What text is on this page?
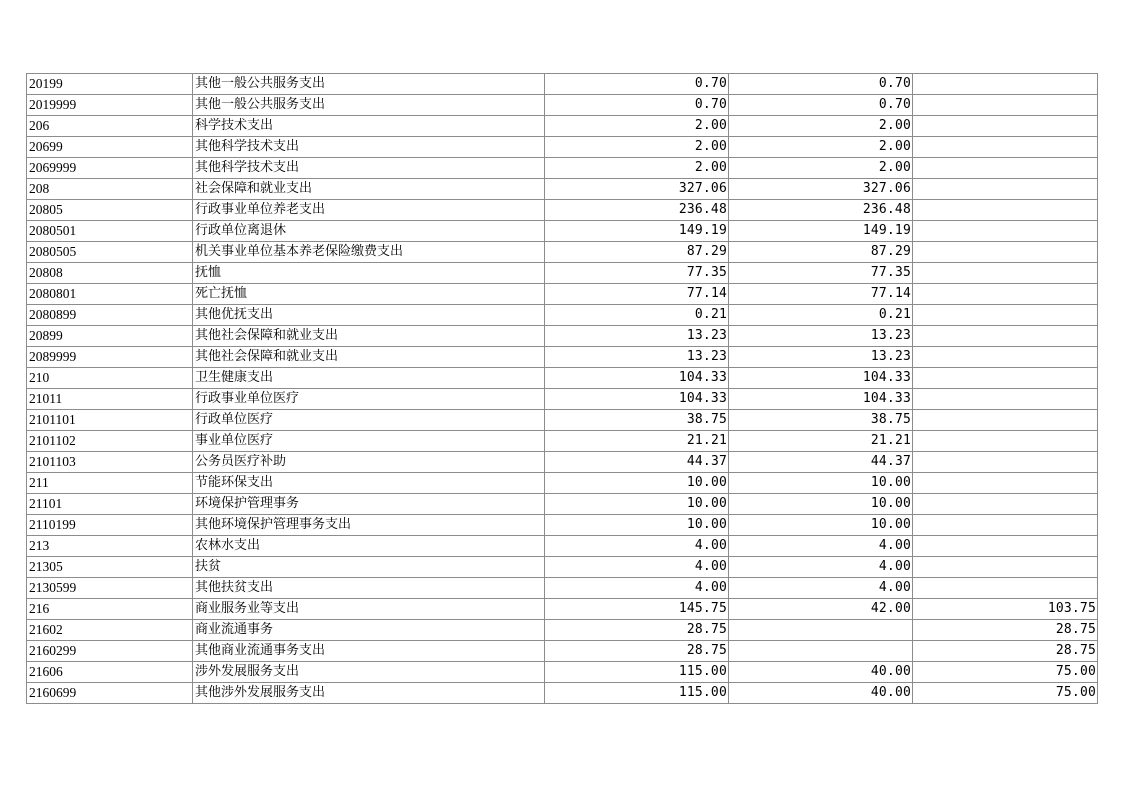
20199	其他一般公共服务支出	0.70	0.70	
2019999	其他一般公共服务支出	0.70	0.70	
206	科学技术支出	2.00	2.00	
20699	其他科学技术支出	2.00	2.00	
2069999	其他科学技术支出	2.00	2.00	
208	社会保障和就业支出	327.06	327.06	
20805	行政事业单位养老支出	236.48	236.48	
2080501	行政单位离退休	149.19	149.19	
2080505	机关事业单位基本养老保险缴费支出	87.29	87.29	
20808	抚恤	77.35	77.35	
2080801	死亡抚恤	77.14	77.14	
2080899	其他优抚支出	0.21	0.21	
20899	其他社会保障和就业支出	13.23	13.23	
2089999	其他社会保障和就业支出	13.23	13.23	
210	卫生健康支出	104.33	104.33	
21011	行政事业单位医疗	104.33	104.33	
2101101	行政单位医疗	38.75	38.75	
2101102	事业单位医疗	21.21	21.21	
2101103	公务员医疗补助	44.37	44.37	
211	节能环保支出	10.00	10.00	
21101	环境保护管理事务	10.00	10.00	
2110199	其他环境保护管理事务支出	10.00	10.00	
213	农林水支出	4.00	4.00	
21305	扶贫	4.00	4.00	
2130599	其他扶贫支出	4.00	4.00	
216	商业服务业等支出	145.75	42.00	103.75
21602	商业流通事务	28.75		28.75
2160299	其他商业流通事务支出	28.75		28.75
21606	涉外发展服务支出	115.00	40.00	75.00
2160699	其他涉外发展服务支出	115.00	40.00	75.00
